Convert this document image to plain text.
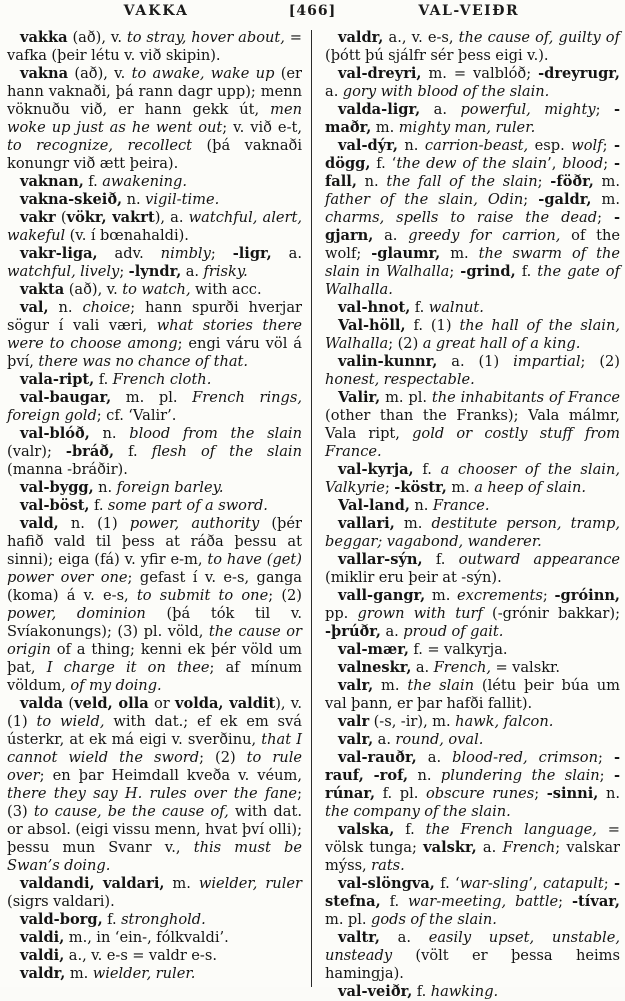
VAKKA	[466]	VAL-VEIÐR

vakka (að), v. to stray, hover about, = vafka (þeir létu v. við skipin).

vakna (að), v. to awake, wake up (er hann vaknaði, þá rann dagr upp); menn vöknuðu við, er hann gekk út, men woke up just as he went out; v. við e-t, to recognize, recollect (þá vaknaði konungr við ætt þeira).

vaknan, f. awakening.

vakna-skeið, n. vigil-time.

vakr (vökr, vakrt), a. watchful, alert, wakeful (v. í bœnahaldi).

vakr-liga, adv. nimbly; -ligr, a. watchful, lively; -lyndr, a. frisky.

vakta (að), v. to watch, with acc.

val, n. choice; hann spurði hverjar sögur í vali væri, what stories there were to choose among; engi váru völ á því, there was no chance of that.

vala-ript, f. French cloth.

val-baugar, m. pl. French rings, foreign gold; cf. ‘Valir’.

val-blóð, n. blood from the slain (valr); -bráð, f. flesh of the slain (manna -bráðir).

val-bygg, n. foreign barley.

val-böst, f. some part of a sword.

vald, n. (1) power, authority (þér hafið vald til þess at ráða þessu at sinni); eiga (fá) v. yfir e-m, to have (get) power over one; gefast í v. e-s, ganga (koma) á v. e-s, to submit to one; (2) power, dominion (þá tók til v. Svíakonungs); (3) pl. völd, the cause or origin of a thing; kenni ek þér völd um þat, I charge it on thee; af mínum völdum, of my doing.

valda (veld, olla or volda, valdit), v. (1) to wield, with dat.; ef ek em svá ústerkr, at ek má eigi v. sverðinu, that I cannot wield the sword; (2) to rule over; en þar Heimdall kveða v. véum, there they say H. rules over the fane; (3) to cause, be the cause of, with dat. or absol. (eigi vissu menn, hvat því olli); þessu mun Svanr v., this must be Swan’s doing.

valdandi, valdari, m. wielder, ruler (sigrs valdari).

vald-borg, f. stronghold.

valdi, m., in ‘ein-, fólkvaldi’.

valdi, a., v. e-s = valdr e-s.

valdr, m. wielder, ruler.

valdr, a., v. e-s, the cause of, guilty of (þótt þú sjálfr sér þess eigi v.).

val-dreyri, m. = valblóð; -dreyrugr, a. gory with blood of the slain.

valda-ligr, a. powerful, mighty; -maðr, m. mighty man, ruler.

val-dýr, n. carrion-beast, esp. wolf; -dögg, f. ‘the dew of the slain’, blood; -fall, n. the fall of the slain; -föðr, m. father of the slain, Odin; -galdr, m. charms, spells to raise the dead; -gjarn, a. greedy for carrion, of the wolf; -glaumr, m. the swarm of the slain in Walhalla; -grind, f. the gate of Walhalla.

val-hnot, f. walnut.

Val-höll, f. (1) the hall of the slain, Walhalla; (2) a great hall of a king.

valin-kunnr, a. (1) impartial; (2) honest, respectable.

Valir, m. pl. the inhabitants of France (other than the Franks); Vala málmr, Vala ript, gold or costly stuff from France.

val-kyrja, f. a chooser of the slain, Valkyrie; -köstr, m. a heep of slain.

Val-land, n. France.

vallari, m. destitute person, tramp, beggar; vagabond, wanderer.

vallar-sýn, f. outward appearance (miklir eru þeir at -sýn).

vall-gangr, m. excrements; -gróinn, pp. grown with turf (-grónir bakkar); -þrúðr, a. proud of gait.

val-mær, f. = valkyrja.

valneskr, a. French, = valskr.

valr, m. the slain (létu þeir búa um val þann, er þar hafði fallit).

valr (-s, -ir), m. hawk, falcon.

valr, a. round, oval.

val-rauðr, a. blood-red, crimson; -rauf, -rof, n. plundering the slain; -rúnar, f. pl. obscure runes; -sinni, n. the company of the slain.

valska, f. the French language, = völsk tunga; valskr, a. French; valskar mýss, rats.

val-slöngva, f. ‘war-sling’, catapult; -stefna, f. war-meeting, battle; -tívar, m. pl. gods of the slain.

valtr, a. easily upset, unstable, unsteady (völt er þessa heims hamingja).

val-veiðr, f. hawking.
